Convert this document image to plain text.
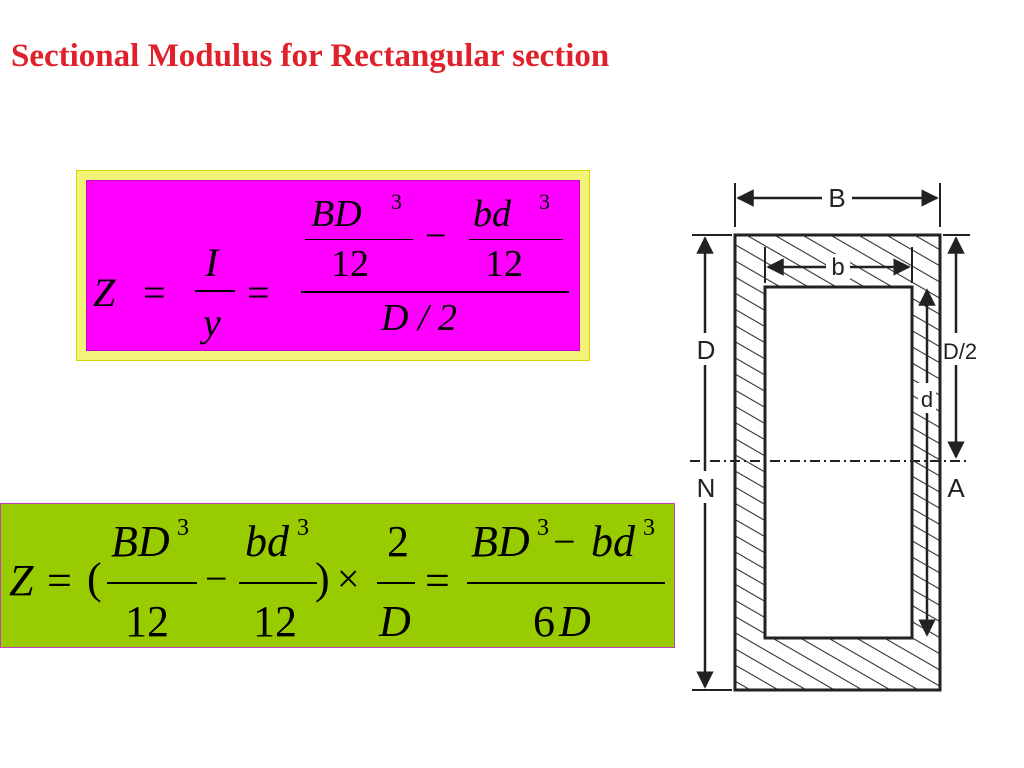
Sectional Modulus for Rectangular section
Z =
I
y
=
BD 3
12
−
bd 3
12
D / 2
Z = (
BD 3
12
−
bd 3
12
) ×
2
D
=
BD 3 − bd 3
6 D
B
b
D
N
D/2
A
d
